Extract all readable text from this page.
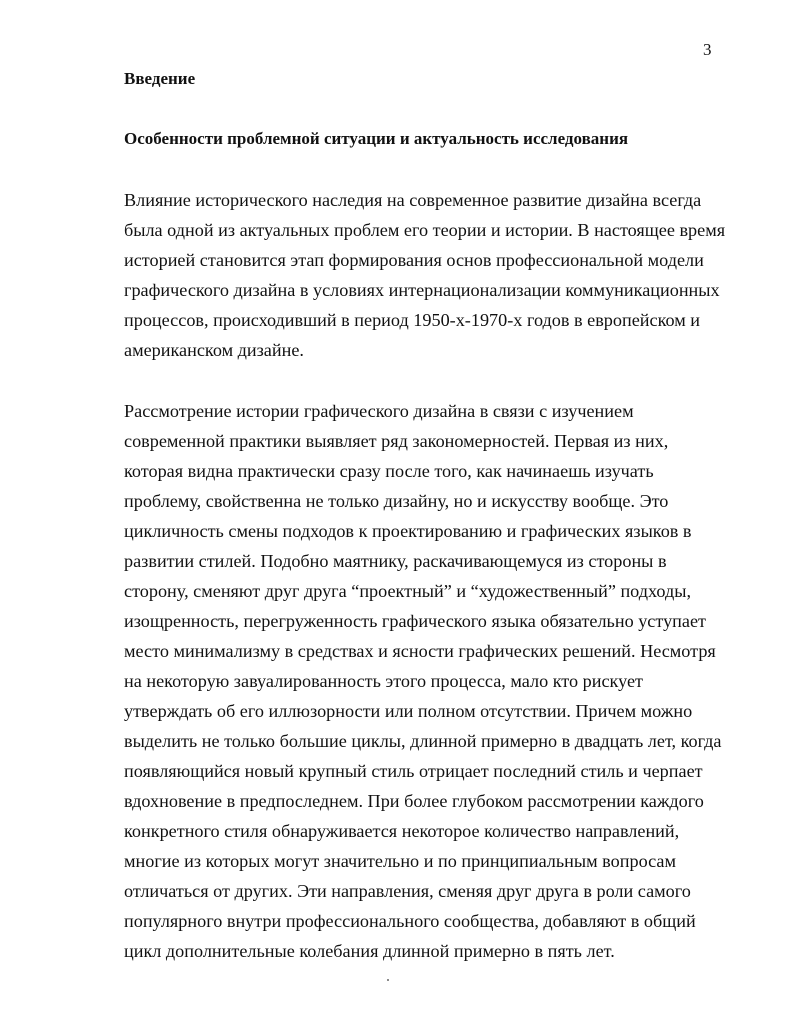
3
Введение
Особенности проблемной ситуации и актуальность исследования
Влияние исторического наследия на современное развитие дизайна всегда
была одной из актуальных проблем его теории и истории. В настоящее время
историей становится этап формирования основ профессиональной модели
графического дизайна в условиях интернационализации коммуникационных
процессов, происходивший в период 1950-х-1970-х годов в европейском и
американском дизайне.
Рассмотрение истории графического дизайна в связи с изучением
современной практики выявляет ряд закономерностей. Первая из них,
которая видна практически сразу после того, как начинаешь изучать
проблему, свойственна не только дизайну, но и искусству вообще. Это
цикличность смены подходов к проектированию и графических языков в
развитии стилей. Подобно маятнику, раскачивающемуся из стороны в
сторону, сменяют друг друга “проектный” и “художественный” подходы,
изощренность, перегруженность графического языка обязательно уступает
место минимализму в средствах и ясности графических решений. Несмотря
на некоторую завуалированность этого процесса, мало кто рискует
утверждать об его иллюзорности или полном отсутствии. Причем можно
выделить не только большие циклы, длинной примерно в двадцать лет, когда
появляющийся новый крупный стиль отрицает последний стиль и черпает
вдохновение в предпоследнем. При более глубоком рассмотрении каждого
конкретного стиля обнаруживается некоторое количество направлений,
многие из которых могут значительно и по принципиальным вопросам
отличаться от других. Эти направления, сменяя друг друга в роли самого
популярного внутри профессионального сообщества, добавляют в общий
цикл дополнительные колебания длинной примерно в пять лет.
